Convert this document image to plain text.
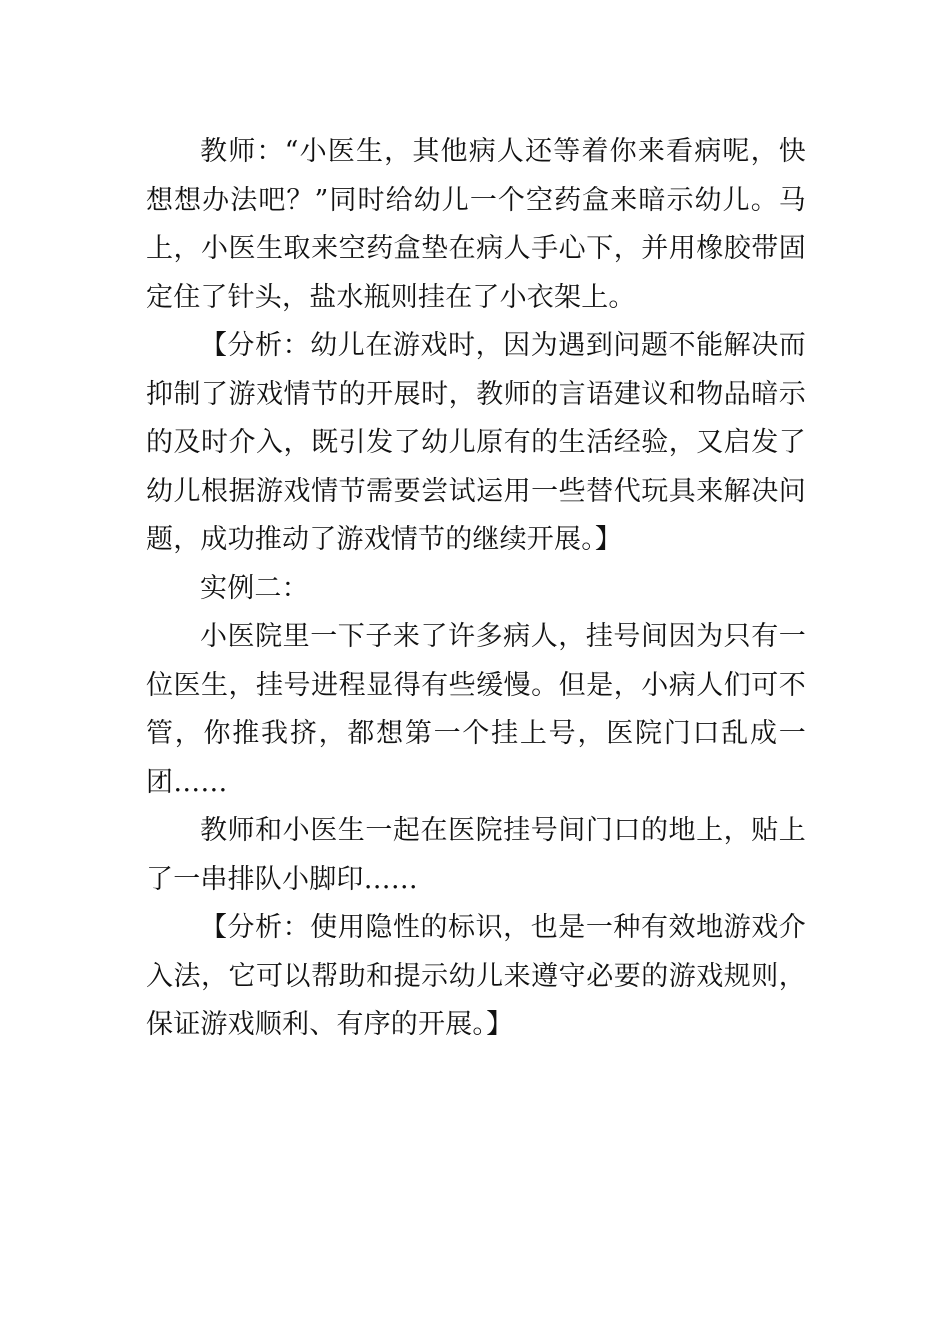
教师：“小医生，其他病人还等着你来看病呢，快想想办法吧？”同时给幼儿一个空药盒来暗示幼儿。马上，小医生取来空药盒垫在病人手心下，并用橡胶带固定住了针头，盐水瓶则挂在了小衣架上。

【分析：幼儿在游戏时，因为遇到问题不能解决而抑制了游戏情节的开展时，教师的言语建议和物品暗示的及时介入，既引发了幼儿原有的生活经验，又启发了幼儿根据游戏情节需要尝试运用一些替代玩具来解决问题，成功推动了游戏情节的继续开展。】

实例二：

小医院里一下子来了许多病人，挂号间因为只有一位医生，挂号进程显得有些缓慢。但是，小病人们可不管，你推我挤，都想第一个挂上号，医院门口乱成一团……

教师和小医生一起在医院挂号间门口的地上，贴上了一串排队小脚印……

【分析：使用隐性的标识，也是一种有效地游戏介入法，它可以帮助和提示幼儿来遵守必要的游戏规则，保证游戏顺利、有序的开展。】
